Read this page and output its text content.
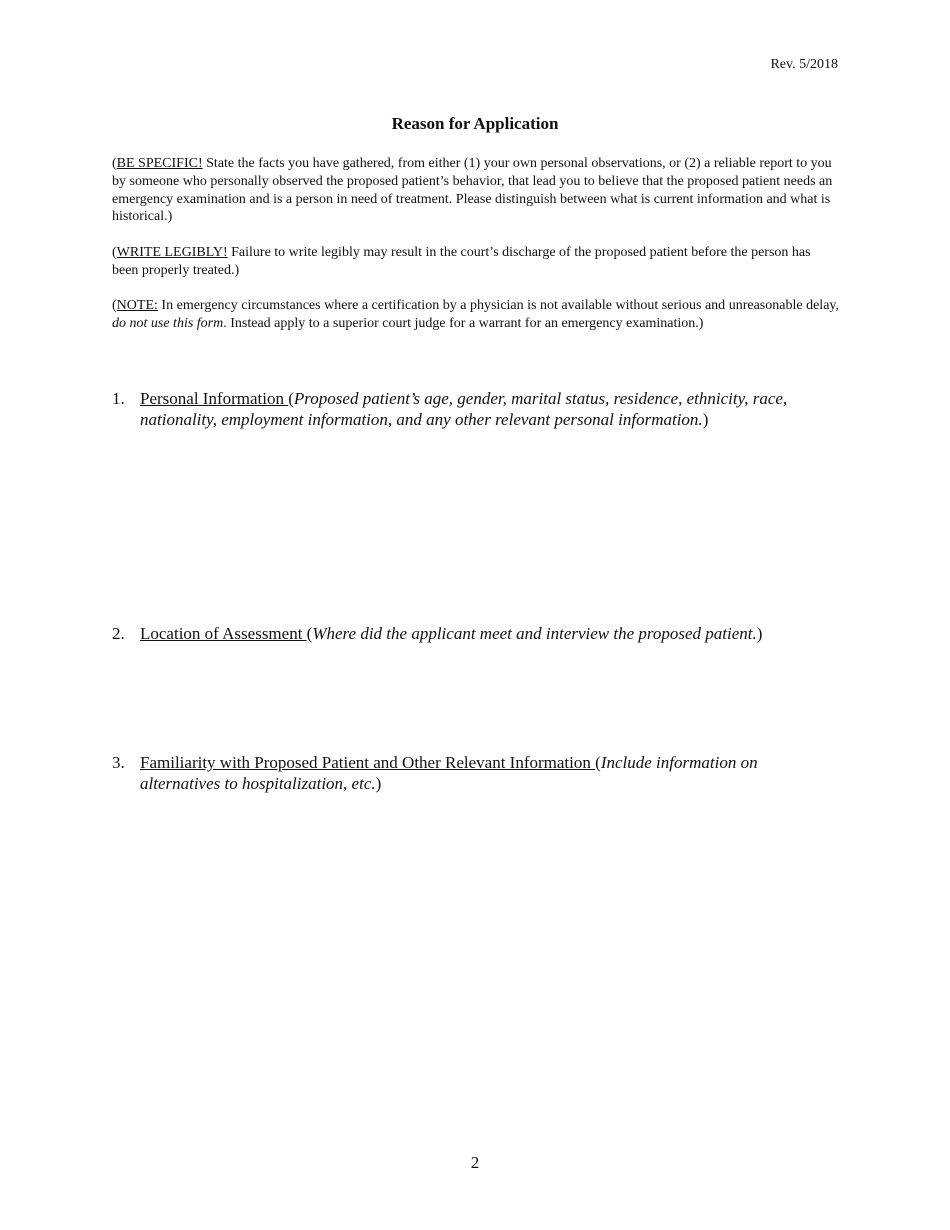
Rev. 5/2018
Reason for Application
(BE SPECIFIC! State the facts you have gathered, from either (1) your own personal observations, or (2) a reliable report to you by someone who personally observed the proposed patient’s behavior, that lead you to believe that the proposed patient needs an emergency examination and is a person in need of treatment. Please distinguish between what is current information and what is historical.)
(WRITE LEGIBLY! Failure to write legibly may result in the court’s discharge of the proposed patient before the person has been properly treated.)
(NOTE: In emergency circumstances where a certification by a physician is not available without serious and unreasonable delay, do not use this form. Instead apply to a superior court judge for a warrant for an emergency examination.)
1. Personal Information (Proposed patient’s age, gender, marital status, residence, ethnicity, race, nationality, employment information, and any other relevant personal information.)
2. Location of Assessment (Where did the applicant meet and interview the proposed patient.)
3. Familiarity with Proposed Patient and Other Relevant Information (Include information on alternatives to hospitalization, etc.)
2
